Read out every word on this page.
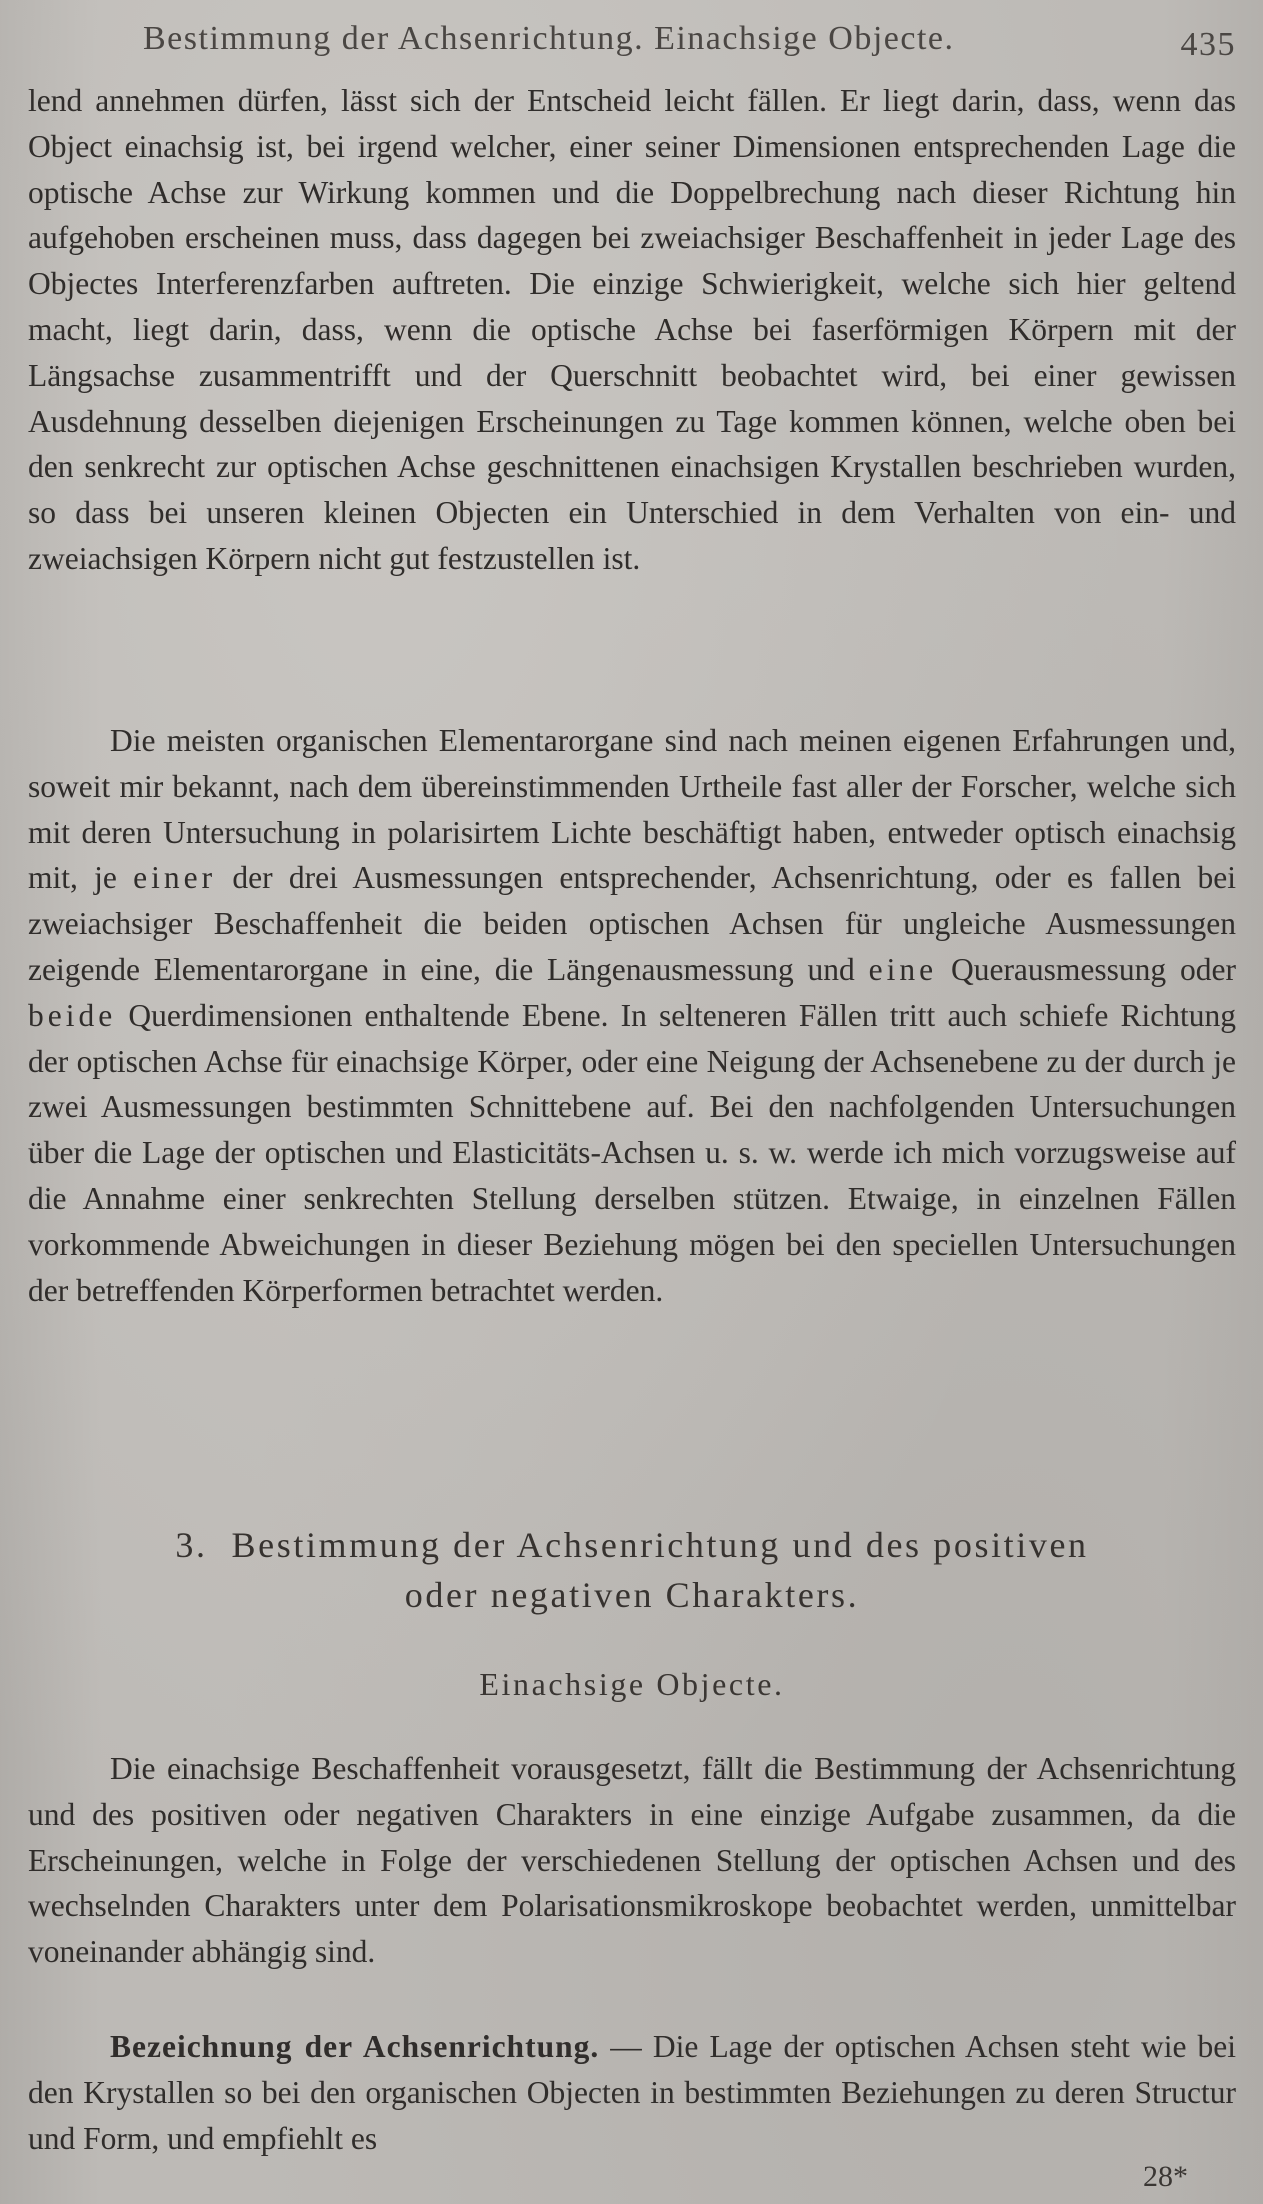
Bestimmung der Achsenrichtung. Einachsige Objecte.	435

lend annehmen dürfen, lässt sich der Entscheid leicht fällen. Er liegt darin, dass, wenn das Object einachsig ist, bei irgend welcher, einer seiner Dimensionen entsprechenden Lage die optische Achse zur Wirkung kommen und die Doppelbrechung nach dieser Richtung hin aufgehoben erscheinen muss, dass dagegen bei zweiachsiger Beschaffenheit in jeder Lage des Objectes Interferenzfarben auftreten. Die einzige Schwierigkeit, welche sich hier geltend macht, liegt darin, dass, wenn die optische Achse bei faserförmigen Körpern mit der Längsachse zusammentrifft und der Querschnitt beobachtet wird, bei einer gewissen Ausdehnung desselben diejenigen Erscheinungen zu Tage kommen können, welche oben bei den senkrecht zur optischen Achse geschnittenen einachsigen Krystallen beschrieben wurden, so dass bei unseren kleinen Objecten ein Unterschied in dem Verhalten von ein- und zweiachsigen Körpern nicht gut festzustellen ist.

Die meisten organischen Elementarorgane sind nach meinen eigenen Erfahrungen und, soweit mir bekannt, nach dem übereinstimmenden Urtheile fast aller der Forscher, welche sich mit deren Untersuchung in polarisirtem Lichte beschäftigt haben, entweder optisch einachsig mit, je einer der drei Ausmessungen entsprechender, Achsenrichtung, oder es fallen bei zweiachsiger Beschaffenheit die beiden optischen Achsen für ungleiche Ausmessungen zeigende Elementarorgane in eine, die Längenausmessung und eine Querausmessung oder beide Querdimensionen enthaltende Ebene. In selteneren Fällen tritt auch schiefe Richtung der optischen Achse für einachsige Körper, oder eine Neigung der Achsenebene zu der durch je zwei Ausmessungen bestimmten Schnittebene auf. Bei den nachfolgenden Untersuchungen über die Lage der optischen und Elasticitäts-Achsen u. s. w. werde ich mich vorzugsweise auf die Annahme einer senkrechten Stellung derselben stützen. Etwaige, in einzelnen Fällen vorkommende Abweichungen in dieser Beziehung mögen bei den speciellen Untersuchungen der betreffenden Körperformen betrachtet werden.

3. Bestimmung der Achsenrichtung und des positiven
oder negativen Charakters.
Einachsige Objecte.

Die einachsige Beschaffenheit vorausgesetzt, fällt die Bestimmung der Achsenrichtung und des positiven oder negativen Charakters in eine einzige Aufgabe zusammen, da die Erscheinungen, welche in Folge der verschiedenen Stellung der optischen Achsen und des wechselnden Charakters unter dem Polarisationsmikroskope beobachtet werden, unmittelbar voneinander abhängig sind.

Bezeichnung der Achsenrichtung. — Die Lage der optischen Achsen steht wie bei den Krystallen so bei den organischen Objecten in bestimmten Beziehungen zu deren Structur und Form, und empfiehlt es

28*
